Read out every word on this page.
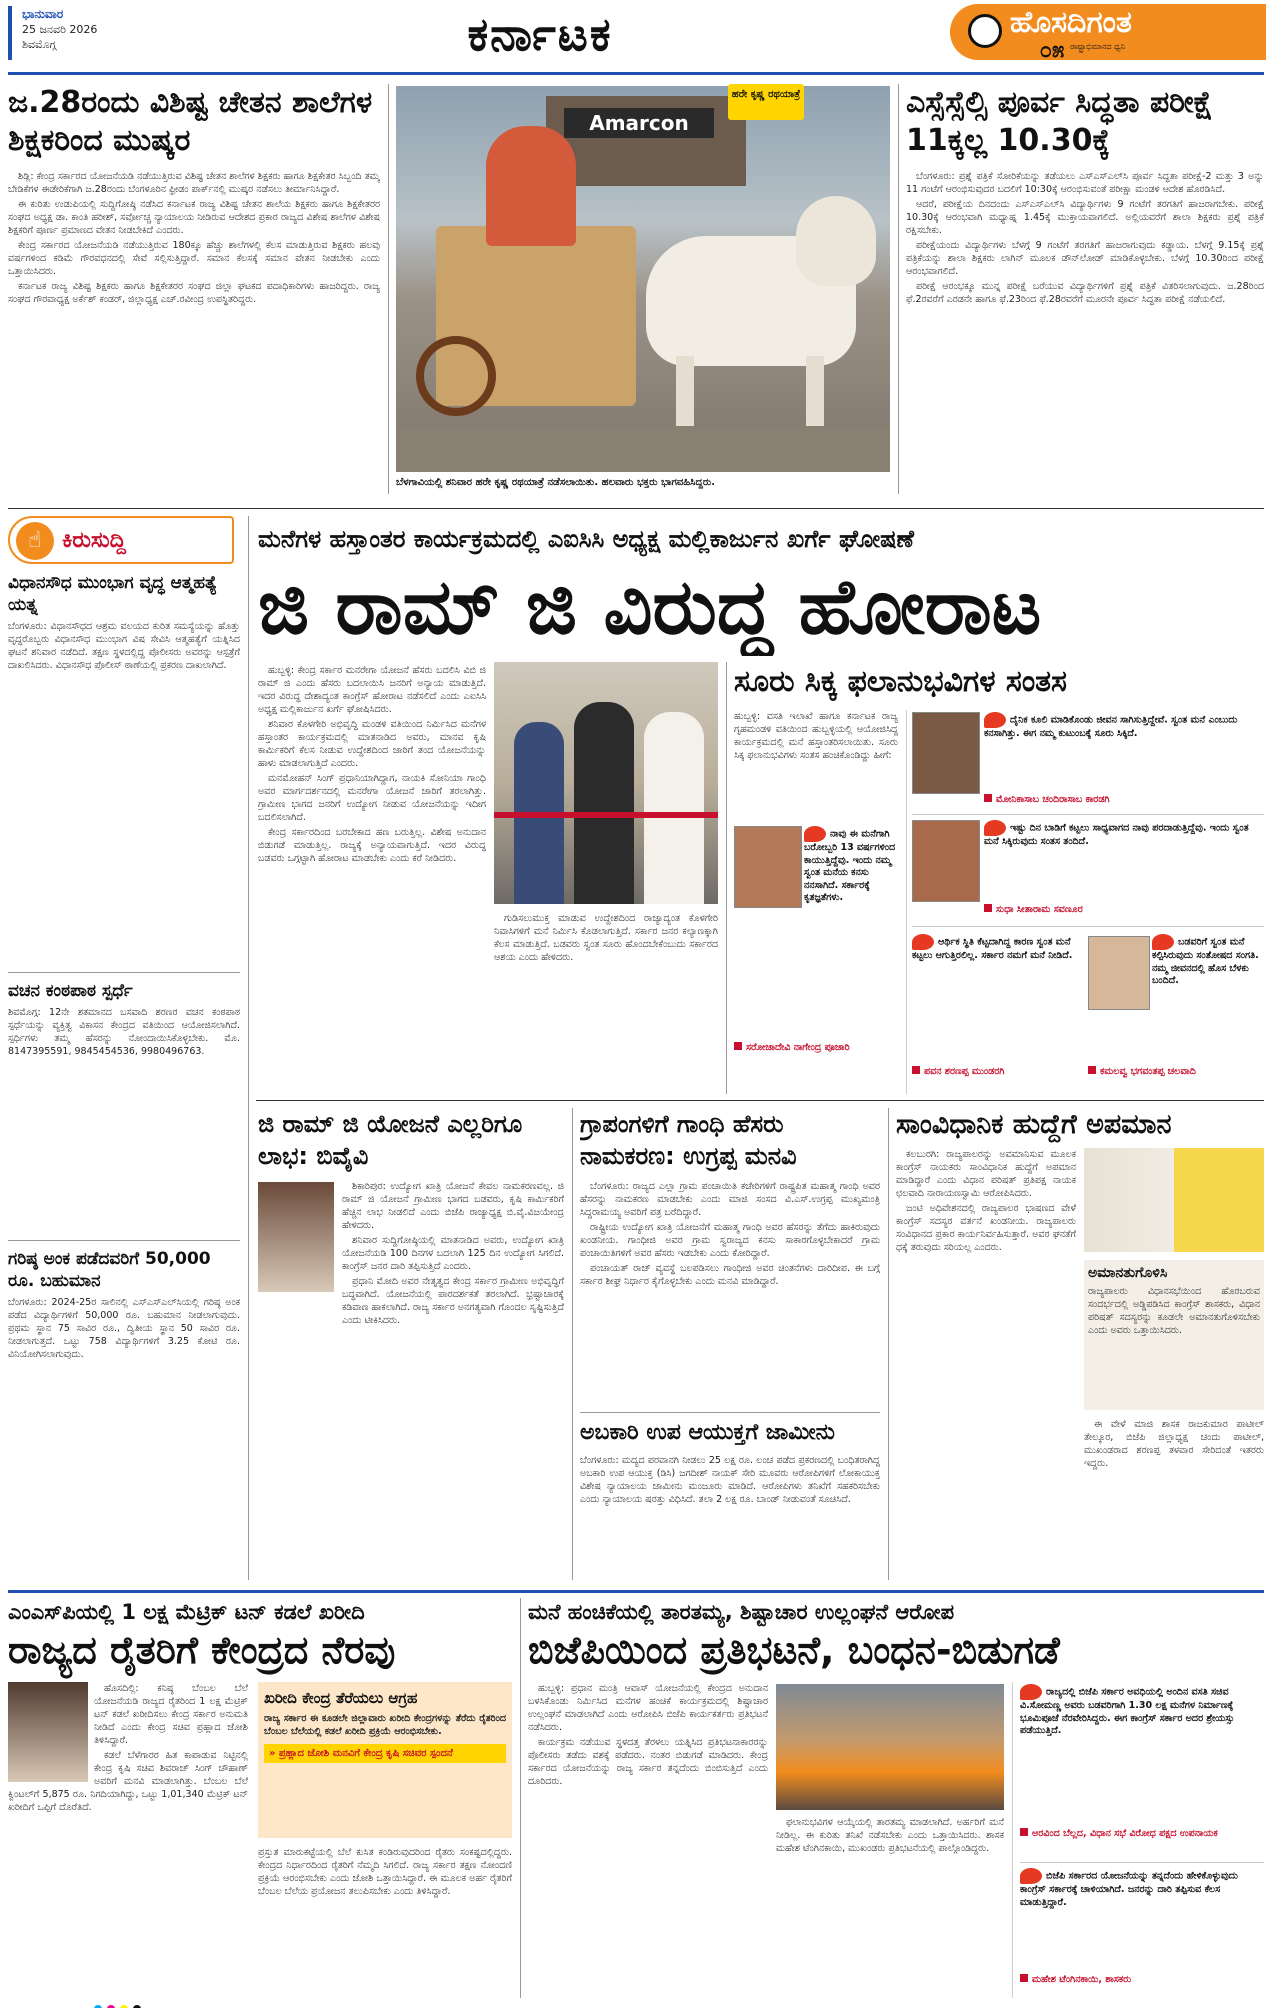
ಭಾನುವಾರ
25 ಜನವರಿ 2026
ಶಿವಮೊಗ್ಗ	ಕರ್ನಾಟಕ	ಹೊಸದಿಗಂತ
ರಾಷ್ಟ್ರಾಭಿಮಾನದ ಧ್ವನಿ
೦೫
ಜ.28ರಂದು ವಿಶಿಷ್ಟ ಚೇತನ ಶಾಲೆಗಳ ಶಿಕ್ಷಕರಿಂದ ಮುಷ್ಕರ

ಶಿಡ್ಲಿ: ಕೇಂದ್ರ ಸರ್ಕಾರದ ಯೋಜನೆಯಡಿ ನಡೆಯುತ್ತಿರುವ ವಿಶಿಷ್ಟ ಚೇತನ ಶಾಲೆಗಳ ಶಿಕ್ಷಕರು ಹಾಗೂ ಶಿಕ್ಷಕೇತರ ಸಿಬ್ಬಂದಿ ತಮ್ಮ ಬೇಡಿಕೆಗಳ ಈಡೇರಿಕೆಗಾಗಿ ಜ.28ರಂದು ಬೆಂಗಳೂರಿನ ಫ್ರೀಡಂ ಪಾರ್ಕ್‌ನಲ್ಲಿ ಮುಷ್ಕರ ನಡೆಸಲು ತೀರ್ಮಾನಿಸಿದ್ದಾರೆ.

ಈ ಕುರಿತು ಉಡುಪಿಯಲ್ಲಿ ಸುದ್ದಿಗೋಷ್ಠಿ ನಡೆಸಿದ ಕರ್ನಾಟಕ ರಾಜ್ಯ ವಿಶಿಷ್ಟ ಚೇತನ ಶಾಲೆಯ ಶಿಕ್ಷಕರು ಹಾಗೂ ಶಿಕ್ಷಕೇತರರ ಸಂಘದ ಅಧ್ಯಕ್ಷ ಡಾ. ಕಾಂತಿ ಹರೀಶ್, ಸರ್ವೋಚ್ಚ ನ್ಯಾಯಾಲಯ ನೀಡಿರುವ ಆದೇಶದ ಪ್ರಕಾರ ರಾಜ್ಯದ ವಿಶೇಷ ಶಾಲೆಗಳ ವಿಶೇಷ ಶಿಕ್ಷಕರಿಗೆ ಪೂರ್ಣ ಪ್ರಮಾಣದ ವೇತನ ನೀಡಬೇಕಿದೆ ಎಂದರು.

ಕೇಂದ್ರ ಸರ್ಕಾರದ ಯೋಜನೆಯಡಿ ನಡೆಯುತ್ತಿರುವ 180ಕ್ಕೂ ಹೆಚ್ಚು ಶಾಲೆಗಳಲ್ಲಿ ಕೆಲಸ ಮಾಡುತ್ತಿರುವ ಶಿಕ್ಷಕರು ಹಲವು ವರ್ಷಗಳಿಂದ ಕಡಿಮೆ ಗೌರವಧನದಲ್ಲಿ ಸೇವೆ ಸಲ್ಲಿಸುತ್ತಿದ್ದಾರೆ. ಸಮಾನ ಕೆಲಸಕ್ಕೆ ಸಮಾನ ವೇತನ ನೀಡಬೇಕು ಎಂದು ಒತ್ತಾಯಿಸಿದರು.

ಕರ್ನಾಟಕ ರಾಜ್ಯ ವಿಶಿಷ್ಟ ಶಿಕ್ಷಕರು ಹಾಗೂ ಶಿಕ್ಷಕೇತರರ ಸಂಘದ ಜಿಲ್ಲಾ ಘಟಕದ ಪದಾಧಿಕಾರಿಗಳು ಹಾಜರಿದ್ದರು. ರಾಜ್ಯ ಸಂಘದ ಗೌರವಾಧ್ಯಕ್ಷ ಅರ್ಕೆಶ್ ಕಂಡರ್, ಜಿಲ್ಲಾಧ್ಯಕ್ಷ ಎಚ್.ರವೀಂದ್ರ ಉಪಸ್ಥಿತರಿದ್ದರು.

Amarcon
ಹರೇ ಕೃಷ್ಣ ರಥಯಾತ್ರೆ
ಬೆಳಗಾವಿಯಲ್ಲಿ ಶನಿವಾರ ಹರೇ ಕೃಷ್ಣ ರಥಯಾತ್ರೆ ನಡೆಸಲಾಯಿತು. ಹಲವಾರು ಭಕ್ತರು ಭಾಗವಹಿಸಿದ್ದರು.
ಎಸ್ಸೆಸ್ಸೆಲ್ಸಿ ಪೂರ್ವ ಸಿದ್ಧತಾ ಪರೀಕ್ಷೆ 11ಕ್ಕಲ್ಲ 10.30ಕ್ಕೆ

ಬೆಂಗಳೂರು: ಪ್ರಶ್ನೆ ಪತ್ರಿಕೆ ಸೋರಿಕೆಯನ್ನು ತಡೆಯಲು ಎಸ್‌ಎಸ್‌ಎಲ್‌ಸಿ ಪೂರ್ವ ಸಿದ್ಧತಾ ಪರೀಕ್ಷೆ-2 ಮತ್ತು 3 ಅನ್ನು 11 ಗಂಟೆಗೆ ಆರಂಭಿಸುವುದರ ಬದಲಿಗೆ 10:30ಕ್ಕೆ ಆರಂಭಿಸುವಂತೆ ಪರೀಕ್ಷಾ ಮಂಡಳಿ ಆದೇಶ ಹೊರಡಿಸಿದೆ.

ಆದರೆ, ಪರೀಕ್ಷೆಯ ದಿನದಂದು ಎಸ್‌ಎಸ್‌ಎಲ್‌ಸಿ ವಿದ್ಯಾರ್ಥಿಗಳು 9 ಗಂಟೆಗೆ ತರಗತಿಗೆ ಹಾಜರಾಗಬೇಕು. ಪರೀಕ್ಷೆ 10.30ಕ್ಕೆ ಆರಂಭವಾಗಿ ಮಧ್ಯಾಹ್ನ 1.45ಕ್ಕೆ ಮುಕ್ತಾಯವಾಗಲಿದೆ. ಅಲ್ಲಿಯವರೆಗೆ ಶಾಲಾ ಶಿಕ್ಷಕರು ಪ್ರಶ್ನೆ ಪತ್ರಿಕೆ ರಕ್ಷಿಸಬೇಕು.

ಪರೀಕ್ಷೆಯಂದು ವಿದ್ಯಾರ್ಥಿಗಳು ಬೆಳಗ್ಗೆ 9 ಗಂಟೆಗೆ ತರಗತಿಗೆ ಹಾಜರಾಗುವುದು ಕಡ್ಡಾಯ. ಬೆಳಗ್ಗೆ 9.15ಕ್ಕೆ ಪ್ರಶ್ನೆ ಪತ್ರಿಕೆಯನ್ನು ಶಾಲಾ ಶಿಕ್ಷಕರು ಲಾಗಿನ್ ಮೂಲಕ ಡೌನ್‌ಲೋಡ್ ಮಾಡಿಕೊಳ್ಳಬೇಕು. ಬೆಳಗ್ಗೆ 10.30ರಿಂದ ಪರೀಕ್ಷೆ ಆರಂಭವಾಗಲಿದೆ.

ಪರೀಕ್ಷೆ ಆರಂಭಕ್ಕೂ ಮುನ್ನ ಪರೀಕ್ಷೆ ಬರೆಯುವ ವಿದ್ಯಾರ್ಥಿಗಳಿಗೆ ಪ್ರಶ್ನೆ ಪತ್ರಿಕೆ ವಿತರಿಸಲಾಗುವುದು. ಜ.28ರಿಂದ ಫೆ.2ರವರೆಗೆ ಎರಡನೇ ಹಾಗೂ ಫೆ.23ರಿಂದ ಫೆ.28ರವರೆಗೆ ಮೂರನೇ ಪೂರ್ವ ಸಿದ್ಧತಾ ಪರೀಕ್ಷೆ ನಡೆಯಲಿದೆ.

☝ ಕಿರುಸುದ್ದಿ
ವಿಧಾನಸೌಧ ಮುಂಭಾಗ ವೃದ್ಧ ಆತ್ಮಹತ್ಯೆ ಯತ್ನ
ಬೆಂಗಳೂರು: ವಿಧಾನಸೌಧದ ಆಶ್ರಮ ವಲಯದ ಕುರಿತ ಸಮಸ್ಯೆಯನ್ನು ಹೊತ್ತು ವೃದ್ಧರೊಬ್ಬರು ವಿಧಾನಸೌಧ ಮುಂಭಾಗ ವಿಷ ಸೇವಿಸಿ ಆತ್ಮಹತ್ಯೆಗೆ ಯತ್ನಿಸಿದ ಘಟನೆ ಶನಿವಾರ ನಡೆದಿದೆ. ತಕ್ಷಣ ಸ್ಥಳದಲ್ಲಿದ್ದ ಪೊಲೀಸರು ಅವರನ್ನು ಆಸ್ಪತ್ರೆಗೆ ದಾಖಲಿಸಿದರು. ವಿಧಾನಸೌಧ ಪೊಲೀಸ್ ಠಾಣೆಯಲ್ಲಿ ಪ್ರಕರಣ ದಾಖಲಾಗಿದೆ.
ವಚನ ಕಂಠಪಾಠ ಸ್ಪರ್ಧೆ
ಶಿವಮೊಗ್ಗ: 12ನೇ ಶತಮಾನದ ಬಸವಾದಿ ಶರಣರ ವಚನ ಕಂಠಪಾಠ ಸ್ಪರ್ಧೆಯನ್ನು ವ್ಯಕ್ತಿತ್ವ ವಿಕಾಸನ ಕೇಂದ್ರದ ವತಿಯಿಂದ ಆಯೋಜಿಸಲಾಗಿದೆ. ಸ್ಪರ್ಧಿಗಳು ತಮ್ಮ ಹೆಸರನ್ನು ನೋಂದಾಯಿಸಿಕೊಳ್ಳಬೇಕು. ಮೊ. 8147395591, 9845454536, 9980496763.
ಗರಿಷ್ಠ ಅಂಕ ಪಡೆದವರಿಗೆ 50,000 ರೂ. ಬಹುಮಾನ
ಬೆಂಗಳೂರು: 2024-25ರ ಸಾಲಿನಲ್ಲಿ ಎಸ್ಎಸ್‌ಎಲ್‌ಸಿಯಲ್ಲಿ ಗರಿಷ್ಠ ಅಂಕ ಪಡೆದ ವಿದ್ಯಾರ್ಥಿಗಳಿಗೆ 50,000 ರೂ. ಬಹುಮಾನ ನೀಡಲಾಗುವುದು. ಪ್ರಥಮ ಸ್ಥಾನ 75 ಸಾವಿರ ರೂ., ದ್ವಿತೀಯ ಸ್ಥಾನ 50 ಸಾವಿರ ರೂ. ನೀಡಲಾಗುತ್ತದೆ. ಒಟ್ಟು 758 ವಿದ್ಯಾರ್ಥಿಗಳಿಗೆ 3.25 ಕೋಟಿ ರೂ. ವಿನಿಯೋಗಿಸಲಾಗುವುದು.
ಮನೆಗಳ ಹಸ್ತಾಂತರ ಕಾರ್ಯಕ್ರಮದಲ್ಲಿ ಎಐಸಿಸಿ ಅಧ್ಯಕ್ಷ ಮಲ್ಲಿಕಾರ್ಜುನ ಖರ್ಗೆ ಘೋಷಣೆ
ಜಿ ರಾಮ್ ಜಿ ವಿರುದ್ಧ ಹೋರಾಟ

ಹುಬ್ಬಳ್ಳಿ: ಕೇಂದ್ರ ಸರ್ಕಾರ ಮನರೇಗಾ ಯೋಜನೆ ಹೆಸರು ಬದಲಿಸಿ ವಿಬಿ ಜಿ ರಾಮ್ ಜಿ ಎಂದು ಹೆಸರು ಬದಲಾಯಿಸಿ ಜನರಿಗೆ ಅನ್ಯಾಯ ಮಾಡುತ್ತಿದೆ. ಇದರ ವಿರುದ್ಧ ದೇಶಾದ್ಯಂತ ಕಾಂಗ್ರೆಸ್ ಹೋರಾಟ ನಡೆಸಲಿದೆ ಎಂದು ಎಐಸಿಸಿ ಅಧ್ಯಕ್ಷ ಮಲ್ಲಿಕಾರ್ಜುನ ಖರ್ಗೆ ಘೋಷಿಸಿದರು.

ಶನಿವಾರ ಕೊಳಗೇರಿ ಅಭಿವೃದ್ಧಿ ಮಂಡಳಿ ವತಿಯಿಂದ ನಿರ್ಮಿಸಿದ ಮನೆಗಳ ಹಸ್ತಾಂತರ ಕಾರ್ಯಕ್ರಮದಲ್ಲಿ ಮಾತನಾಡಿದ ಅವರು, ಮಾನವ ಕೃಷಿ ಕಾರ್ಮಿಕರಿಗೆ ಕೆಲಸ ನೀಡುವ ಉದ್ದೇಶದಿಂದ ಜಾರಿಗೆ ತಂದ ಯೋಜನೆಯನ್ನು ಹಾಳು ಮಾಡಲಾಗುತ್ತಿದೆ ಎಂದರು.

ಮನಮೋಹನ್ ಸಿಂಗ್ ಪ್ರಧಾನಿಯಾಗಿದ್ದಾಗ, ನಾಯಕಿ ಸೋನಿಯಾ ಗಾಂಧಿ ಅವರ ಮಾರ್ಗದರ್ಶನದಲ್ಲಿ ಮನರೇಗಾ ಯೋಜನೆ ಜಾರಿಗೆ ತರಲಾಗಿತ್ತು. ಗ್ರಾಮೀಣ ಭಾಗದ ಜನರಿಗೆ ಉದ್ಯೋಗ ನೀಡುವ ಯೋಜನೆಯನ್ನು ಇದೀಗ ಬದಲಿಸಲಾಗಿದೆ.

ಕೇಂದ್ರ ಸರ್ಕಾರದಿಂದ ಬರಬೇಕಾದ ಹಣ ಬರುತ್ತಿಲ್ಲ. ವಿಶೇಷ ಅನುದಾನ ಬಿಡುಗಡೆ ಮಾಡುತ್ತಿಲ್ಲ. ರಾಜ್ಯಕ್ಕೆ ಅನ್ಯಾಯವಾಗುತ್ತಿದೆ. ಇದರ ವಿರುದ್ಧ ಬಡವರು ಒಗ್ಗಟ್ಟಾಗಿ ಹೋರಾಟ ಮಾಡಬೇಕು ಎಂದು ಕರೆ ನೀಡಿದರು.

ಗುಡಿಸಲುಮುಕ್ತ ಮಾಡುವ ಉದ್ದೇಶದಿಂದ ರಾಜ್ಯಾದ್ಯಂತ ಕೊಳಗೇರಿ ನಿವಾಸಿಗಳಿಗೆ ಮನೆ ನಿರ್ಮಿಸಿ ಕೊಡಲಾಗುತ್ತಿದೆ. ಸರ್ಕಾರ ಜನರ ಕಲ್ಯಾಣಕ್ಕಾಗಿ ಕೆಲಸ ಮಾಡುತ್ತಿದೆ. ಬಡವರು ಸ್ವಂತ ಸೂರು ಹೊಂದಬೇಕೆಂಬುದು ಸರ್ಕಾರದ ಆಶಯ ಎಂದು ಹೇಳಿದರು.

ಸೂರು ಸಿಕ್ಕ ಫಲಾನುಭವಿಗಳ ಸಂತಸ
ಹುಬ್ಬಳ್ಳಿ: ವಸತಿ ಇಲಾಖೆ ಹಾಗೂ ಕರ್ನಾಟಕ ರಾಜ್ಯ ಗೃಹಮಂಡಳಿ ವತಿಯಿಂದ ಹುಬ್ಬಳ್ಳಿಯಲ್ಲಿ ಆಯೋಜಿಸಿದ್ದ ಕಾರ್ಯಕ್ರಮದಲ್ಲಿ ಮನೆ ಹಸ್ತಾಂತರಿಸಲಾಯಿತು. ಸೂರು ಸಿಕ್ಕ ಫಲಾನುಭವಿಗಳು ಸಂತಸ ಹಂಚಿಕೊಂಡಿದ್ದು ಹೀಗೆ:
ನಾವು ಈ ಮನೆಗಾಗಿ ಬರೋಬ್ಬರಿ 13 ವರ್ಷಗಳಿಂದ ಕಾಯುತ್ತಿದ್ದೆವು. ಇಂದು ನಮ್ಮ ಸ್ವಂತ ಮನೆಯ ಕನಸು ನನಸಾಗಿದೆ. ಸರ್ಕಾರಕ್ಕೆ ಕೃತಜ್ಞತೆಗಳು.
ಸರೋಜಾದೇವಿ ನಾಗೇಂದ್ರ ಪೂಜಾರಿ
ದೈನಿಕ ಕೂಲಿ ಮಾಡಿಕೊಂಡು ಜೀವನ ಸಾಗಿಸುತ್ತಿದ್ದೇವೆ. ಸ್ವಂತ ಮನೆ ಎಂಬುದು ಕನಸಾಗಿತ್ತು. ಈಗ ನಮ್ಮ ಕುಟುಂಬಕ್ಕೆ ಸೂರು ಸಿಕ್ಕಿದೆ.
ಮೋನಿಕಾಸಾಬ ಚಂದಿರಾಸಾಬ ಕಾರಡಗಿ
ಇಷ್ಟು ದಿನ ಬಾಡಿಗೆ ಕಟ್ಟಲು ಸಾಧ್ಯವಾಗದ ನಾವು ಪರದಾಡುತ್ತಿದ್ದೆವು. ಇಂದು ಸ್ವಂತ ಮನೆ ಸಿಕ್ಕಿರುವುದು ಸಂತಸ ತಂದಿದೆ.
ಸುಧಾ ಸೀತಾರಾಮ ಸವಣೂರ
ಆರ್ಥಿಕ ಸ್ಥಿತಿ ಕೆಟ್ಟದಾಗಿದ್ದ ಕಾರಣ ಸ್ವಂತ ಮನೆ ಕಟ್ಟಲು ಆಗುತ್ತಿರಲಿಲ್ಲ. ಸರ್ಕಾರ ನಮಗೆ ಮನೆ ನೀಡಿದೆ.
ಪವನ ಶರಣಪ್ಪ ಮುಂಡರಗಿ
ಬಡವರಿಗೆ ಸ್ವಂತ ಮನೆ ಕಲ್ಪಿಸಿರುವುದು ಸಂತೋಷದ ಸಂಗತಿ. ನಮ್ಮ ಜೀವನದಲ್ಲಿ ಹೊಸ ಬೆಳಕು ಬಂದಿದೆ.
ಕಮಲವ್ವ ಭಗವಂತಪ್ಪ ಚಲವಾದಿ
ಜಿ ರಾಮ್ ಜಿ ಯೋಜನೆ ಎಲ್ಲರಿಗೂ ಲಾಭ: ಬಿವೈವಿ

ಶಿಕಾರಿಪುರ: ಉದ್ಯೋಗ ಖಾತ್ರಿ ಯೋಜನೆ ಕೇವಲ ನಾಮಕರಣವಲ್ಲ. ಜಿ ರಾಮ್ ಜಿ ಯೋಜನೆ ಗ್ರಾಮೀಣ ಭಾಗದ ಬಡವರು, ಕೃಷಿ ಕಾರ್ಮಿಕರಿಗೆ ಹೆಚ್ಚಿನ ಲಾಭ ನೀಡಲಿದೆ ಎಂದು ಬಿಜೆಪಿ ರಾಜ್ಯಾಧ್ಯಕ್ಷ ಬಿ.ವೈ.ವಿಜಯೇಂದ್ರ ಹೇಳಿದರು.

ಶನಿವಾರ ಸುದ್ದಿಗೋಷ್ಠಿಯಲ್ಲಿ ಮಾತನಾಡಿದ ಅವರು, ಉದ್ಯೋಗ ಖಾತ್ರಿ ಯೋಜನೆಯಡಿ 100 ದಿನಗಳ ಬದಲಾಗಿ 125 ದಿನ ಉದ್ಯೋಗ ಸಿಗಲಿದೆ. ಕಾಂಗ್ರೆಸ್ ಜನರ ದಾರಿ ತಪ್ಪಿಸುತ್ತಿದೆ ಎಂದರು.

ಪ್ರಧಾನಿ ಮೋದಿ ಅವರ ನೇತೃತ್ವದ ಕೇಂದ್ರ ಸರ್ಕಾರ ಗ್ರಾಮೀಣ ಅಭಿವೃದ್ಧಿಗೆ ಬದ್ಧವಾಗಿದೆ. ಯೋಜನೆಯಲ್ಲಿ ಪಾರದರ್ಶಕತೆ ತರಲಾಗಿದೆ. ಭ್ರಷ್ಟಾಚಾರಕ್ಕೆ ಕಡಿವಾಣ ಹಾಕಲಾಗಿದೆ. ರಾಜ್ಯ ಸರ್ಕಾರ ಅನಗತ್ಯವಾಗಿ ಗೊಂದಲ ಸೃಷ್ಟಿಸುತ್ತಿದೆ ಎಂದು ಟೀಕಿಸಿದರು.

ಗ್ರಾಪಂಗಳಿಗೆ ಗಾಂಧಿ ಹೆಸರು ನಾಮಕರಣ: ಉಗ್ರಪ್ಪ ಮನವಿ

ಬೆಂಗಳೂರು: ರಾಜ್ಯದ ಎಲ್ಲಾ ಗ್ರಾಮ ಪಂಚಾಯಿತಿ ಕಚೇರಿಗಳಿಗೆ ರಾಷ್ಟ್ರಪಿತ ಮಹಾತ್ಮ ಗಾಂಧಿ ಅವರ ಹೆಸರನ್ನು ನಾಮಕರಣ ಮಾಡಬೇಕು ಎಂದು ಮಾಜಿ ಸಂಸದ ವಿ.ಎಸ್.ಉಗ್ರಪ್ಪ ಮುಖ್ಯಮಂತ್ರಿ ಸಿದ್ದರಾಮಯ್ಯ ಅವರಿಗೆ ಪತ್ರ ಬರೆದಿದ್ದಾರೆ.

ರಾಷ್ಟ್ರೀಯ ಉದ್ಯೋಗ ಖಾತ್ರಿ ಯೋಜನೆಗೆ ಮಹಾತ್ಮ ಗಾಂಧಿ ಅವರ ಹೆಸರನ್ನು ತೆಗೆದು ಹಾಕಿರುವುದು ಖಂಡನೀಯ. ಗಾಂಧೀಜಿ ಅವರ ಗ್ರಾಮ ಸ್ವರಾಜ್ಯದ ಕನಸು ಸಾಕಾರಗೊಳ್ಳಬೇಕಾದರೆ ಗ್ರಾಮ ಪಂಚಾಯಿತಿಗಳಿಗೆ ಅವರ ಹೆಸರು ಇಡಬೇಕು ಎಂದು ಕೋರಿದ್ದಾರೆ.

ಪಂಚಾಯತ್ ರಾಜ್ ವ್ಯವಸ್ಥೆ ಬಲಪಡಿಸಲು ಗಾಂಧೀಜಿ ಅವರ ಚಿಂತನೆಗಳು ದಾರಿದೀಪ. ಈ ಬಗ್ಗೆ ಸರ್ಕಾರ ಶೀಘ್ರ ನಿರ್ಧಾರ ಕೈಗೊಳ್ಳಬೇಕು ಎಂದು ಮನವಿ ಮಾಡಿದ್ದಾರೆ.

ಅಬಕಾರಿ ಉಪ ಆಯುಕ್ತಗೆ ಜಾಮೀನು
ಬೆಂಗಳೂರು: ಮದ್ಯದ ಪರವಾನಗಿ ನೀಡಲು 25 ಲಕ್ಷ ರೂ. ಲಂಚ ಪಡೆದ ಪ್ರಕರಣದಲ್ಲಿ ಬಂಧಿತರಾಗಿದ್ದ ಅಬಕಾರಿ ಉಪ ಆಯುಕ್ತ (ಡಿಸಿ) ಜಗದೀಶ್ ನಾಯಕ್ ಸೇರಿ ಮೂವರು ಆರೋಪಿಗಳಿಗೆ ಲೋಕಾಯುಕ್ತ ವಿಶೇಷ ನ್ಯಾಯಾಲಯ ಜಾಮೀನು ಮಂಜೂರು ಮಾಡಿದೆ. ಆರೋಪಿಗಳು ತನಿಖೆಗೆ ಸಹಕರಿಸಬೇಕು ಎಂದು ನ್ಯಾಯಾಲಯ ಷರತ್ತು ವಿಧಿಸಿದೆ. ತಲಾ 2 ಲಕ್ಷ ರೂ. ಬಾಂಡ್ ನೀಡುವಂತೆ ಸೂಚಿಸಿದೆ.
ಸಾಂವಿಧಾನಿಕ ಹುದ್ದೆಗೆ ಅಪಮಾನ

ಕಲಬುರಗಿ: ರಾಜ್ಯಪಾಲರನ್ನು ಅವಮಾನಿಸುವ ಮೂಲಕ ಕಾಂಗ್ರೆಸ್ ನಾಯಕರು ಸಾಂವಿಧಾನಿಕ ಹುದ್ದೆಗೆ ಅಪಮಾನ ಮಾಡಿದ್ದಾರೆ ಎಂದು ವಿಧಾನ ಪರಿಷತ್ ಪ್ರತಿಪಕ್ಷ ನಾಯಕ ಛಲವಾದಿ ನಾರಾಯಣಸ್ವಾಮಿ ಆರೋಪಿಸಿದರು.

ಜಂಟಿ ಅಧಿವೇಶನದಲ್ಲಿ ರಾಜ್ಯಪಾಲರ ಭಾಷಣದ ವೇಳೆ ಕಾಂಗ್ರೆಸ್ ಸದಸ್ಯರ ವರ್ತನೆ ಖಂಡನೀಯ. ರಾಜ್ಯಪಾಲರು ಸಂವಿಧಾನದ ಪ್ರಕಾರ ಕಾರ್ಯನಿರ್ವಹಿಸುತ್ತಾರೆ. ಅವರ ಘನತೆಗೆ ಧಕ್ಕೆ ತರುವುದು ಸರಿಯಲ್ಲ ಎಂದರು.

ಅಮಾನತುಗೊಳಿಸಿ
ರಾಜ್ಯಪಾಲರು ವಿಧಾನಸಭೆಯಿಂದ ಹೊರಬರುವ ಸಂದರ್ಭದಲ್ಲಿ ಅಡ್ಡಿಪಡಿಸಿದ ಕಾಂಗ್ರೆಸ್ ಶಾಸಕರು, ವಿಧಾನ ಪರಿಷತ್ ಸದಸ್ಯರನ್ನು ಕೂಡಲೇ ಅಮಾನತುಗೊಳಿಸಬೇಕು ಎಂದು ಅವರು ಒತ್ತಾಯಿಸಿದರು.

ಈ ವೇಳೆ ಮಾಜಿ ಶಾಸಕ ರಾಜಕುಮಾರ ಪಾಟೀಲ್ ತೇಲ್ಕೂರ, ಬಿಜೆಪಿ ಜಿಲ್ಲಾಧ್ಯಕ್ಷ ಚಂದು ಪಾಟೀಲ್, ಮುಖಂಡರಾದ ಶರಣಪ್ಪ ತಳವಾರ ಸೇರಿದಂತೆ ಇತರರು ಇದ್ದರು.

ಎಂಎಸ್‌ಪಿಯಲ್ಲಿ 1 ಲಕ್ಷ ಮೆಟ್ರಿಕ್ ಟನ್ ಕಡಲೆ ಖರೀದಿ
ರಾಜ್ಯದ ರೈತರಿಗೆ ಕೇಂದ್ರದ ನೆರವು

ಹೊಸದಿಲ್ಲಿ: ಕನಿಷ್ಠ ಬೆಂಬಲ ಬೆಲೆ ಯೋಜನೆಯಡಿ ರಾಜ್ಯದ ರೈತರಿಂದ 1 ಲಕ್ಷ ಮೆಟ್ರಿಕ್ ಟನ್ ಕಡಲೆ ಖರೀದಿಸಲು ಕೇಂದ್ರ ಸರ್ಕಾರ ಅನುಮತಿ ನೀಡಿದೆ ಎಂದು ಕೇಂದ್ರ ಸಚಿವ ಪ್ರಹ್ಲಾದ ಜೋಶಿ ತಿಳಿಸಿದ್ದಾರೆ.

ಕಡಲೆ ಬೆಳೆಗಾರರ ಹಿತ ಕಾಪಾಡುವ ನಿಟ್ಟಿನಲ್ಲಿ ಕೇಂದ್ರ ಕೃಷಿ ಸಚಿವ ಶಿವರಾಜ್ ಸಿಂಗ್ ಚೌಹಾಣ್ ಅವರಿಗೆ ಮನವಿ ಮಾಡಲಾಗಿತ್ತು. ಬೆಂಬಲ ಬೆಲೆ ಕ್ವಿಂಟಲ್‌ಗೆ 5,875 ರೂ. ನಿಗದಿಯಾಗಿದ್ದು, ಒಟ್ಟು 1,01,340 ಮೆಟ್ರಿಕ್ ಟನ್ ಖರೀದಿಗೆ ಒಪ್ಪಿಗೆ ದೊರೆತಿದೆ.

ಖರೀದಿ ಕೇಂದ್ರ ತೆರೆಯಲು ಆಗ್ರಹ
ರಾಜ್ಯ ಸರ್ಕಾರ ಈ ಕೂಡಲೇ ಜಿಲ್ಲಾವಾರು ಖರೀದಿ ಕೇಂದ್ರಗಳನ್ನು ತೆರೆದು ರೈತರಿಂದ ಬೆಂಬಲ ಬೆಲೆಯಲ್ಲಿ ಕಡಲೆ ಖರೀದಿ ಪ್ರಕ್ರಿಯೆ ಆರಂಭಿಸಬೇಕು.
» ಪ್ರಹ್ಲಾದ ಜೋಶಿ ಮನವಿಗೆ ಕೇಂದ್ರ ಕೃಷಿ ಸಚಿವರ ಸ್ಪಂದನೆ
ಪ್ರಸ್ತುತ ಮಾರುಕಟ್ಟೆಯಲ್ಲಿ ಬೆಲೆ ಕುಸಿತ ಕಂಡಿರುವುದರಿಂದ ರೈತರು ಸಂಕಷ್ಟದಲ್ಲಿದ್ದರು. ಕೇಂದ್ರದ ನಿರ್ಧಾರದಿಂದ ರೈತರಿಗೆ ನೆಮ್ಮದಿ ಸಿಗಲಿದೆ. ರಾಜ್ಯ ಸರ್ಕಾರ ತಕ್ಷಣ ನೋಂದಣಿ ಪ್ರಕ್ರಿಯೆ ಆರಂಭಿಸಬೇಕು ಎಂದು ಜೋಶಿ ಒತ್ತಾಯಿಸಿದ್ದಾರೆ. ಈ ಮೂಲಕ ಅರ್ಹ ರೈತರಿಗೆ ಬೆಂಬಲ ಬೆಲೆಯ ಪ್ರಯೋಜನ ತಲುಪಿಸಬೇಕು ಎಂದು ತಿಳಿಸಿದ್ದಾರೆ.
ಮನೆ ಹಂಚಿಕೆಯಲ್ಲಿ ತಾರತಮ್ಯ, ಶಿಷ್ಟಾಚಾರ ಉಲ್ಲಂಘನೆ ಆರೋಪ
ಬಿಜೆಪಿಯಿಂದ ಪ್ರತಿಭಟನೆ, ಬಂಧನ-ಬಿಡುಗಡೆ

ಹುಬ್ಬಳ್ಳಿ: ಪ್ರಧಾನ ಮಂತ್ರಿ ಆವಾಸ್ ಯೋಜನೆಯಲ್ಲಿ ಕೇಂದ್ರದ ಅನುದಾನ ಬಳಸಿಕೊಂಡು ನಿರ್ಮಿಸಿದ ಮನೆಗಳ ಹಂಚಿಕೆ ಕಾರ್ಯಕ್ರಮದಲ್ಲಿ ಶಿಷ್ಟಾಚಾರ ಉಲ್ಲಂಘನೆ ಮಾಡಲಾಗಿದೆ ಎಂದು ಆರೋಪಿಸಿ ಬಿಜೆಪಿ ಕಾರ್ಯಕರ್ತರು ಪ್ರತಿಭಟನೆ ನಡೆಸಿದರು.

ಕಾರ್ಯಕ್ರಮ ನಡೆಯುವ ಸ್ಥಳದತ್ತ ತೆರಳಲು ಯತ್ನಿಸಿದ ಪ್ರತಿಭಟನಾಕಾರರನ್ನು ಪೊಲೀಸರು ತಡೆದು ವಶಕ್ಕೆ ಪಡೆದರು. ನಂತರ ಬಿಡುಗಡೆ ಮಾಡಿದರು. ಕೇಂದ್ರ ಸರ್ಕಾರದ ಯೋಜನೆಯನ್ನು ರಾಜ್ಯ ಸರ್ಕಾರ ತನ್ನದೆಂದು ಬಿಂಬಿಸುತ್ತಿದೆ ಎಂದು ದೂರಿದರು.

ಫಲಾನುಭವಿಗಳ ಆಯ್ಕೆಯಲ್ಲಿ ತಾರತಮ್ಯ ಮಾಡಲಾಗಿದೆ. ಅರ್ಹರಿಗೆ ಮನೆ ನೀಡಿಲ್ಲ. ಈ ಕುರಿತು ತನಿಖೆ ನಡೆಸಬೇಕು ಎಂದು ಒತ್ತಾಯಿಸಿದರು. ಶಾಸಕ ಮಹೇಶ ಟೆಂಗಿನಕಾಯಿ, ಮುಖಂಡರು ಪ್ರತಿಭಟನೆಯಲ್ಲಿ ಪಾಲ್ಗೊಂಡಿದ್ದರು.

ರಾಜ್ಯದಲ್ಲಿ ಬಿಜೆಪಿ ಸರ್ಕಾರ ಅವಧಿಯಲ್ಲಿ ಅಂದಿನ ವಸತಿ ಸಚಿವ ವಿ.ಸೋಮಣ್ಣ ಅವರು ಬಡವರಿಗಾಗಿ 1.30 ಲಕ್ಷ ಮನೆಗಳ ನಿರ್ಮಾಣಕ್ಕೆ ಭೂಮಿಪೂಜೆ ನೆರವೇರಿಸಿದ್ದರು. ಈಗ ಕಾಂಗ್ರೆಸ್ ಸರ್ಕಾರ ಅದರ ಶ್ರೇಯಸ್ಸು ಪಡೆಯುತ್ತಿದೆ.
ಅರವಿಂದ ಬೆಲ್ಲದ, ವಿಧಾನ ಸಭೆ ವಿರೋಧ ಪಕ್ಷದ ಉಪನಾಯಕ
ಬಿಜೆಪಿ ಸರ್ಕಾರದ ಯೋಜನೆಯನ್ನು ತನ್ನದೆಂದು ಹೇಳಿಕೊಳ್ಳುವುದು ಕಾಂಗ್ರೆಸ್ ಸರ್ಕಾರಕ್ಕೆ ಚಾಳಿಯಾಗಿದೆ. ಜನರನ್ನು ದಾರಿ ತಪ್ಪಿಸುವ ಕೆಲಸ ಮಾಡುತ್ತಿದ್ದಾರೆ.
ಮಹೇಶ ಟೆಂಗಿನಕಾಯಿ, ಶಾಸಕರು
